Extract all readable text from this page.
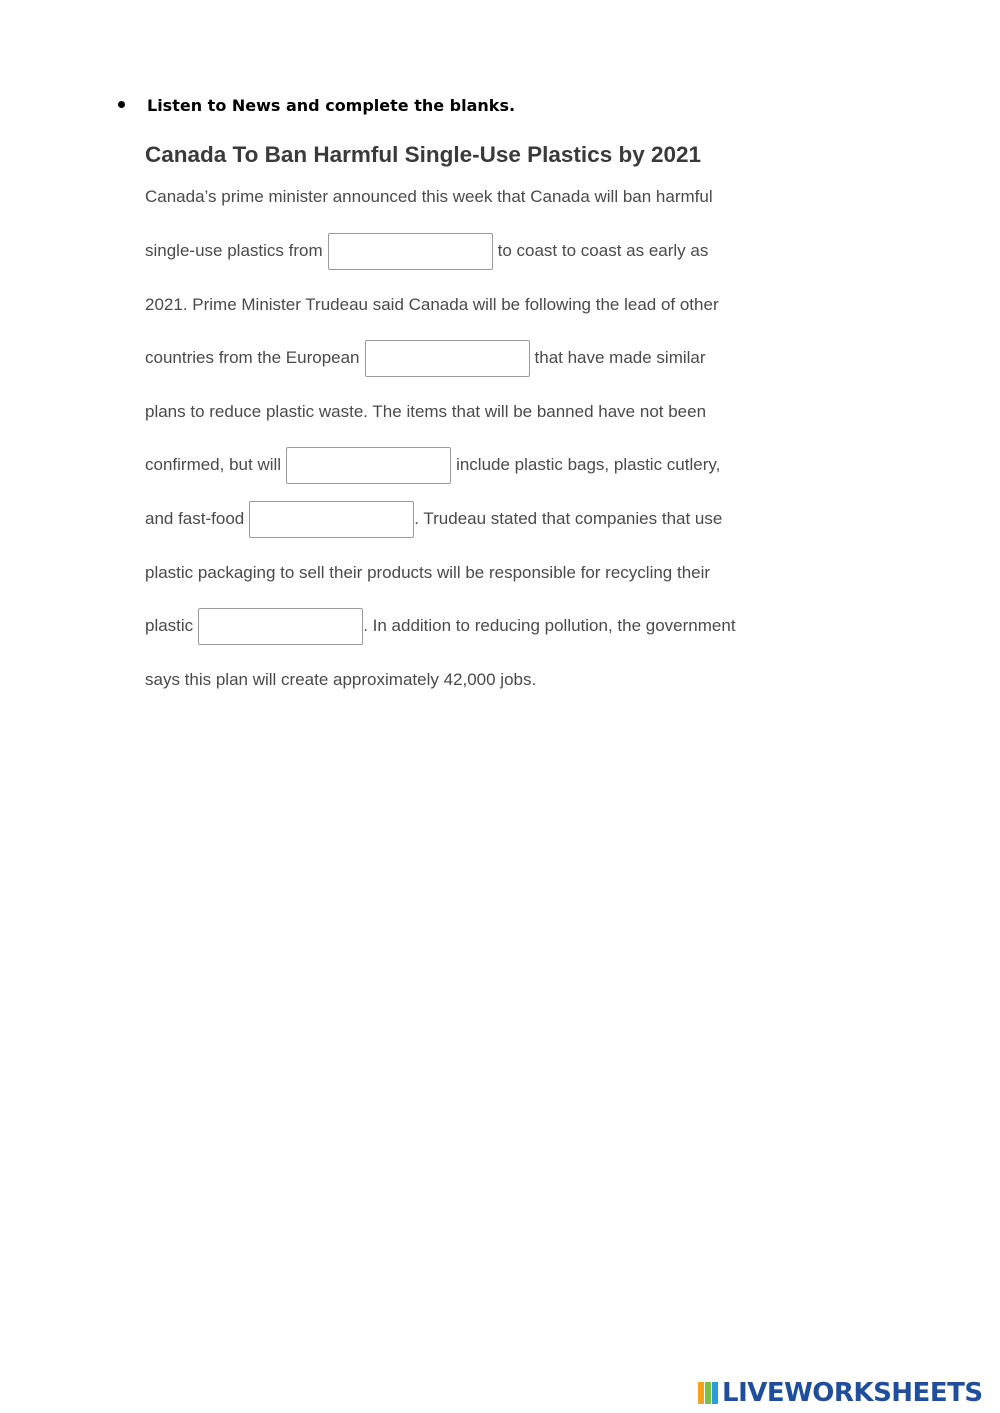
Listen to News and complete the blanks.
Canada To Ban Harmful Single-Use Plastics by 2021
Canada’s prime minister announced this week that Canada will ban harmful
single-use plastics from	to coast to coast as early as
2021. Prime Minister Trudeau said Canada will be following the lead of other
countries from the European	that have made similar
plans to reduce plastic waste. The items that will be banned have not been
confirmed, but will	include plastic bags, plastic cutlery,
and fast-food	. Trudeau stated that companies that use
plastic packaging to sell their products will be responsible for recycling their
plastic	. In addition to reducing pollution, the government
says this plan will create approximately 42,000 jobs.
LIVEWORKSHEETS
